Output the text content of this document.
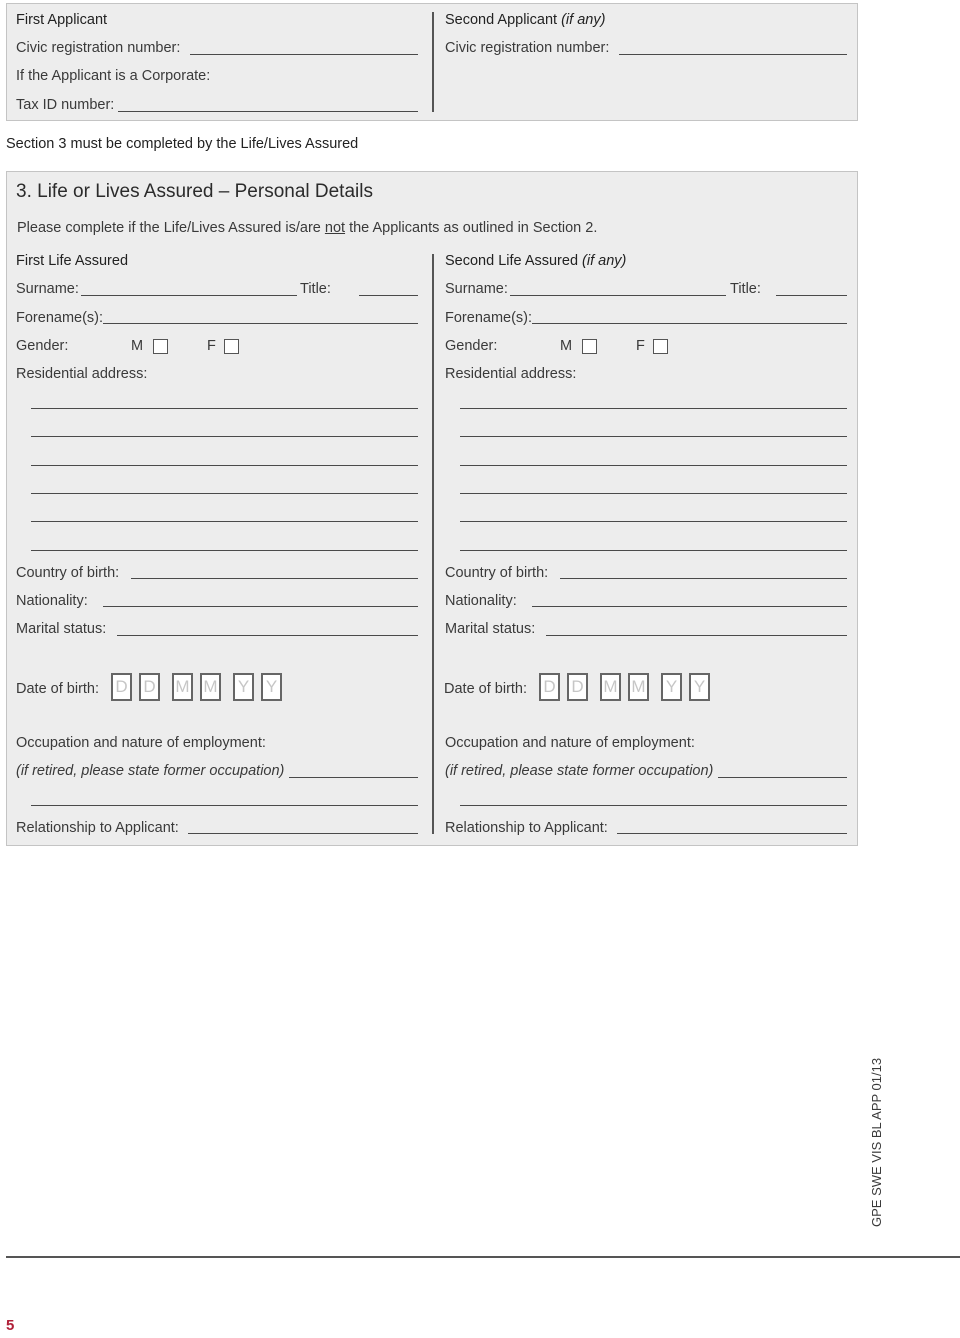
First Applicant
Civic registration number:
If the Applicant is a Corporate:
Tax ID number:
Second Applicant (if any)
Civic registration number:
Section 3 must be completed by the Life/Lives Assured
3. Life or Lives Assured – Personal Details
Please complete if the Life/Lives Assured is/are not the Applicants as outlined in Section 2.
First Life Assured
Surname:	Title:
Forename(s):
Gender:	M	F
Residential address:
Country of birth:
Nationality:
Marital status:
Date of birth: D D M M Y Y
Occupation and nature of employment:
(if retired, please state former occupation)
Relationship to Applicant:
Second Life Assured (if any)
Surname:	Title:
Forename(s):
Gender:	M	F
Residential address:
Country of birth:
Nationality:
Marital status:
Date of birth: D D M M Y Y
Occupation and nature of employment:
(if retired, please state former occupation)
Relationship to Applicant:
GPE SWE VIS BL APP 01/13
5
